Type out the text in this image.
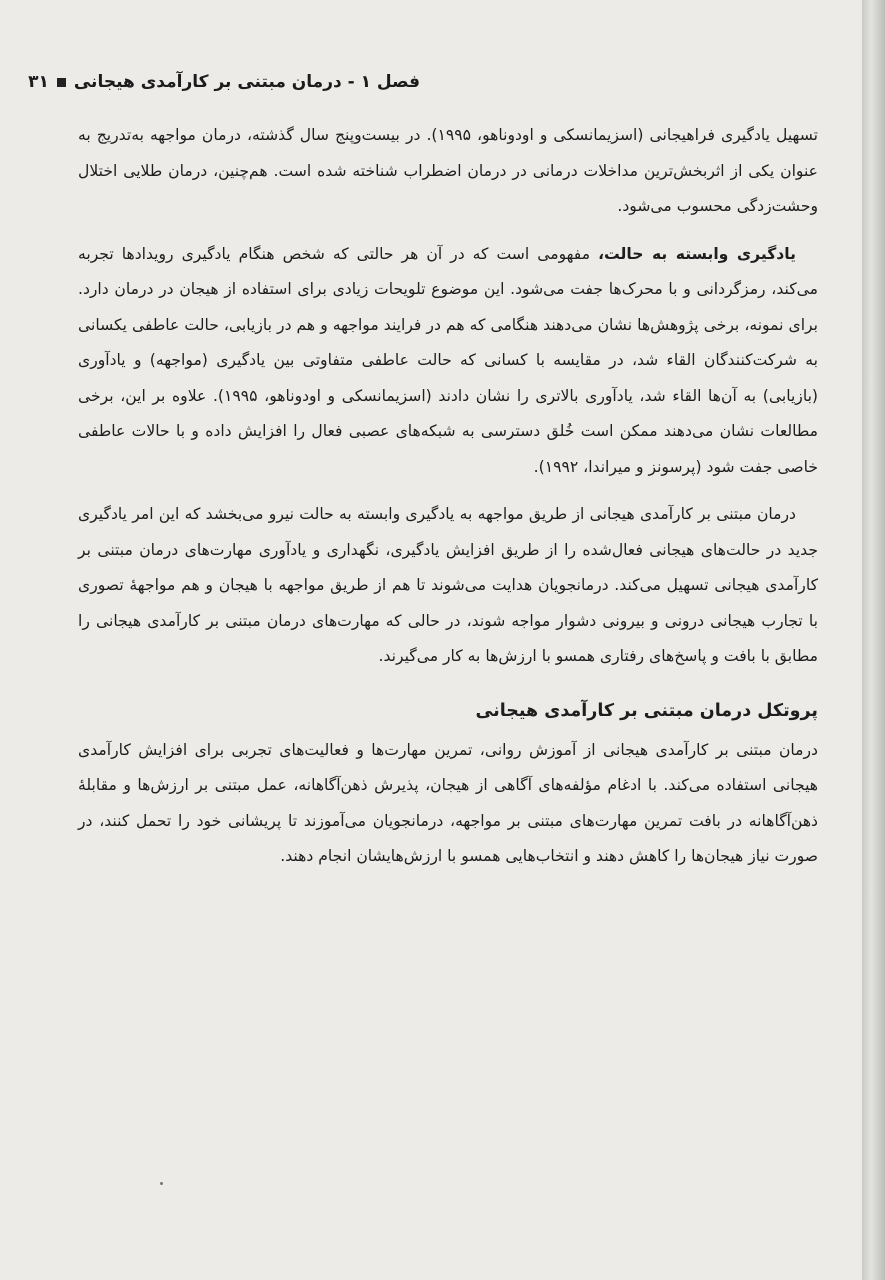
فصل ۱ - درمان مبتنی بر کارآمدی هیجانی۳۱

تسهیل یادگیری فراهیجانی (اسزیمانسکی و اودوناهو، ۱۹۹۵). در بیست‌وپنج سال گذشته، درمان مواجهه به‌تدریج به عنوان یکی از اثربخش‌ترین مداخلات درمانی در درمان اضطراب شناخته شده است. هم‌چنین، درمان طلایی اختلال وحشت‌زدگی محسوب می‌شود.

یادگیری وابسته به حالت، مفهومی است که در آن هر حالتی که شخص هنگام یادگیری رویدادها تجربه می‌کند، رمزگردانی و با محرک‌ها جفت می‌شود. این موضوع تلویحات زیادی برای استفاده از هیجان در درمان دارد. برای نمونه، برخی پژوهش‌ها نشان می‌دهند هنگامی که هم در فرایند مواجهه و هم در بازیابی، حالت عاطفی یکسانی به شرکت‌کنندگان القاء شد، در مقایسه با کسانی که حالت عاطفی متفاوتی بین یادگیری (مواجهه) و یادآوری (بازیابی) به آن‌ها القاء شد، یادآوری بالاتری را نشان دادند (اسزیمانسکی و اودوناهو، ۱۹۹۵). علاوه بر این، برخی مطالعات نشان می‌دهند ممکن است خُلق دسترسی به شبکه‌های عصبی فعال را افزایش داده و با حالات عاطفی خاصی جفت شود (پرسونز و میراندا، ۱۹۹۲).

درمان مبتنی بر کارآمدی هیجانی از طریق مواجهه به یادگیری وابسته به حالت نیرو می‌بخشد که این امر یادگیری جدید در حالت‌های هیجانی فعال‌شده را از طریق افزایش یادگیری، نگهداری و یادآوری مهارت‌های درمان مبتنی بر کارآمدی هیجانی تسهیل می‌کند. درمانجویان هدایت می‌شوند تا هم از طریق مواجهه با هیجان و هم مواجههٔ تصوری با تجارب هیجانی درونی و بیرونی دشوار مواجه شوند، در حالی که مهارت‌های درمان مبتنی بر کارآمدی هیجانی را مطابق با بافت و پاسخ‌های رفتاری همسو با ارزش‌ها به کار می‌گیرند.

پروتکل درمان مبتنی بر کارآمدی هیجانی

درمان مبتنی بر کارآمدی هیجانی از آموزش روانی، تمرین مهارت‌ها و فعالیت‌های تجربی برای افزایش کارآمدی هیجانی استفاده می‌کند. با ادغام مؤلفه‌های آگاهی از هیجان، پذیرش ذهن‌آگاهانه، عمل مبتنی بر ارزش‌ها و مقابلهٔ ذهن‌آگاهانه در بافت تمرین مهارت‌های مبتنی بر مواجهه، درمانجویان می‌آموزند تا پریشانی خود را تحمل کنند، در صورت نیاز هیجان‌ها را کاهش دهند و انتخاب‌هایی همسو با ارزش‌هایشان انجام دهند.
